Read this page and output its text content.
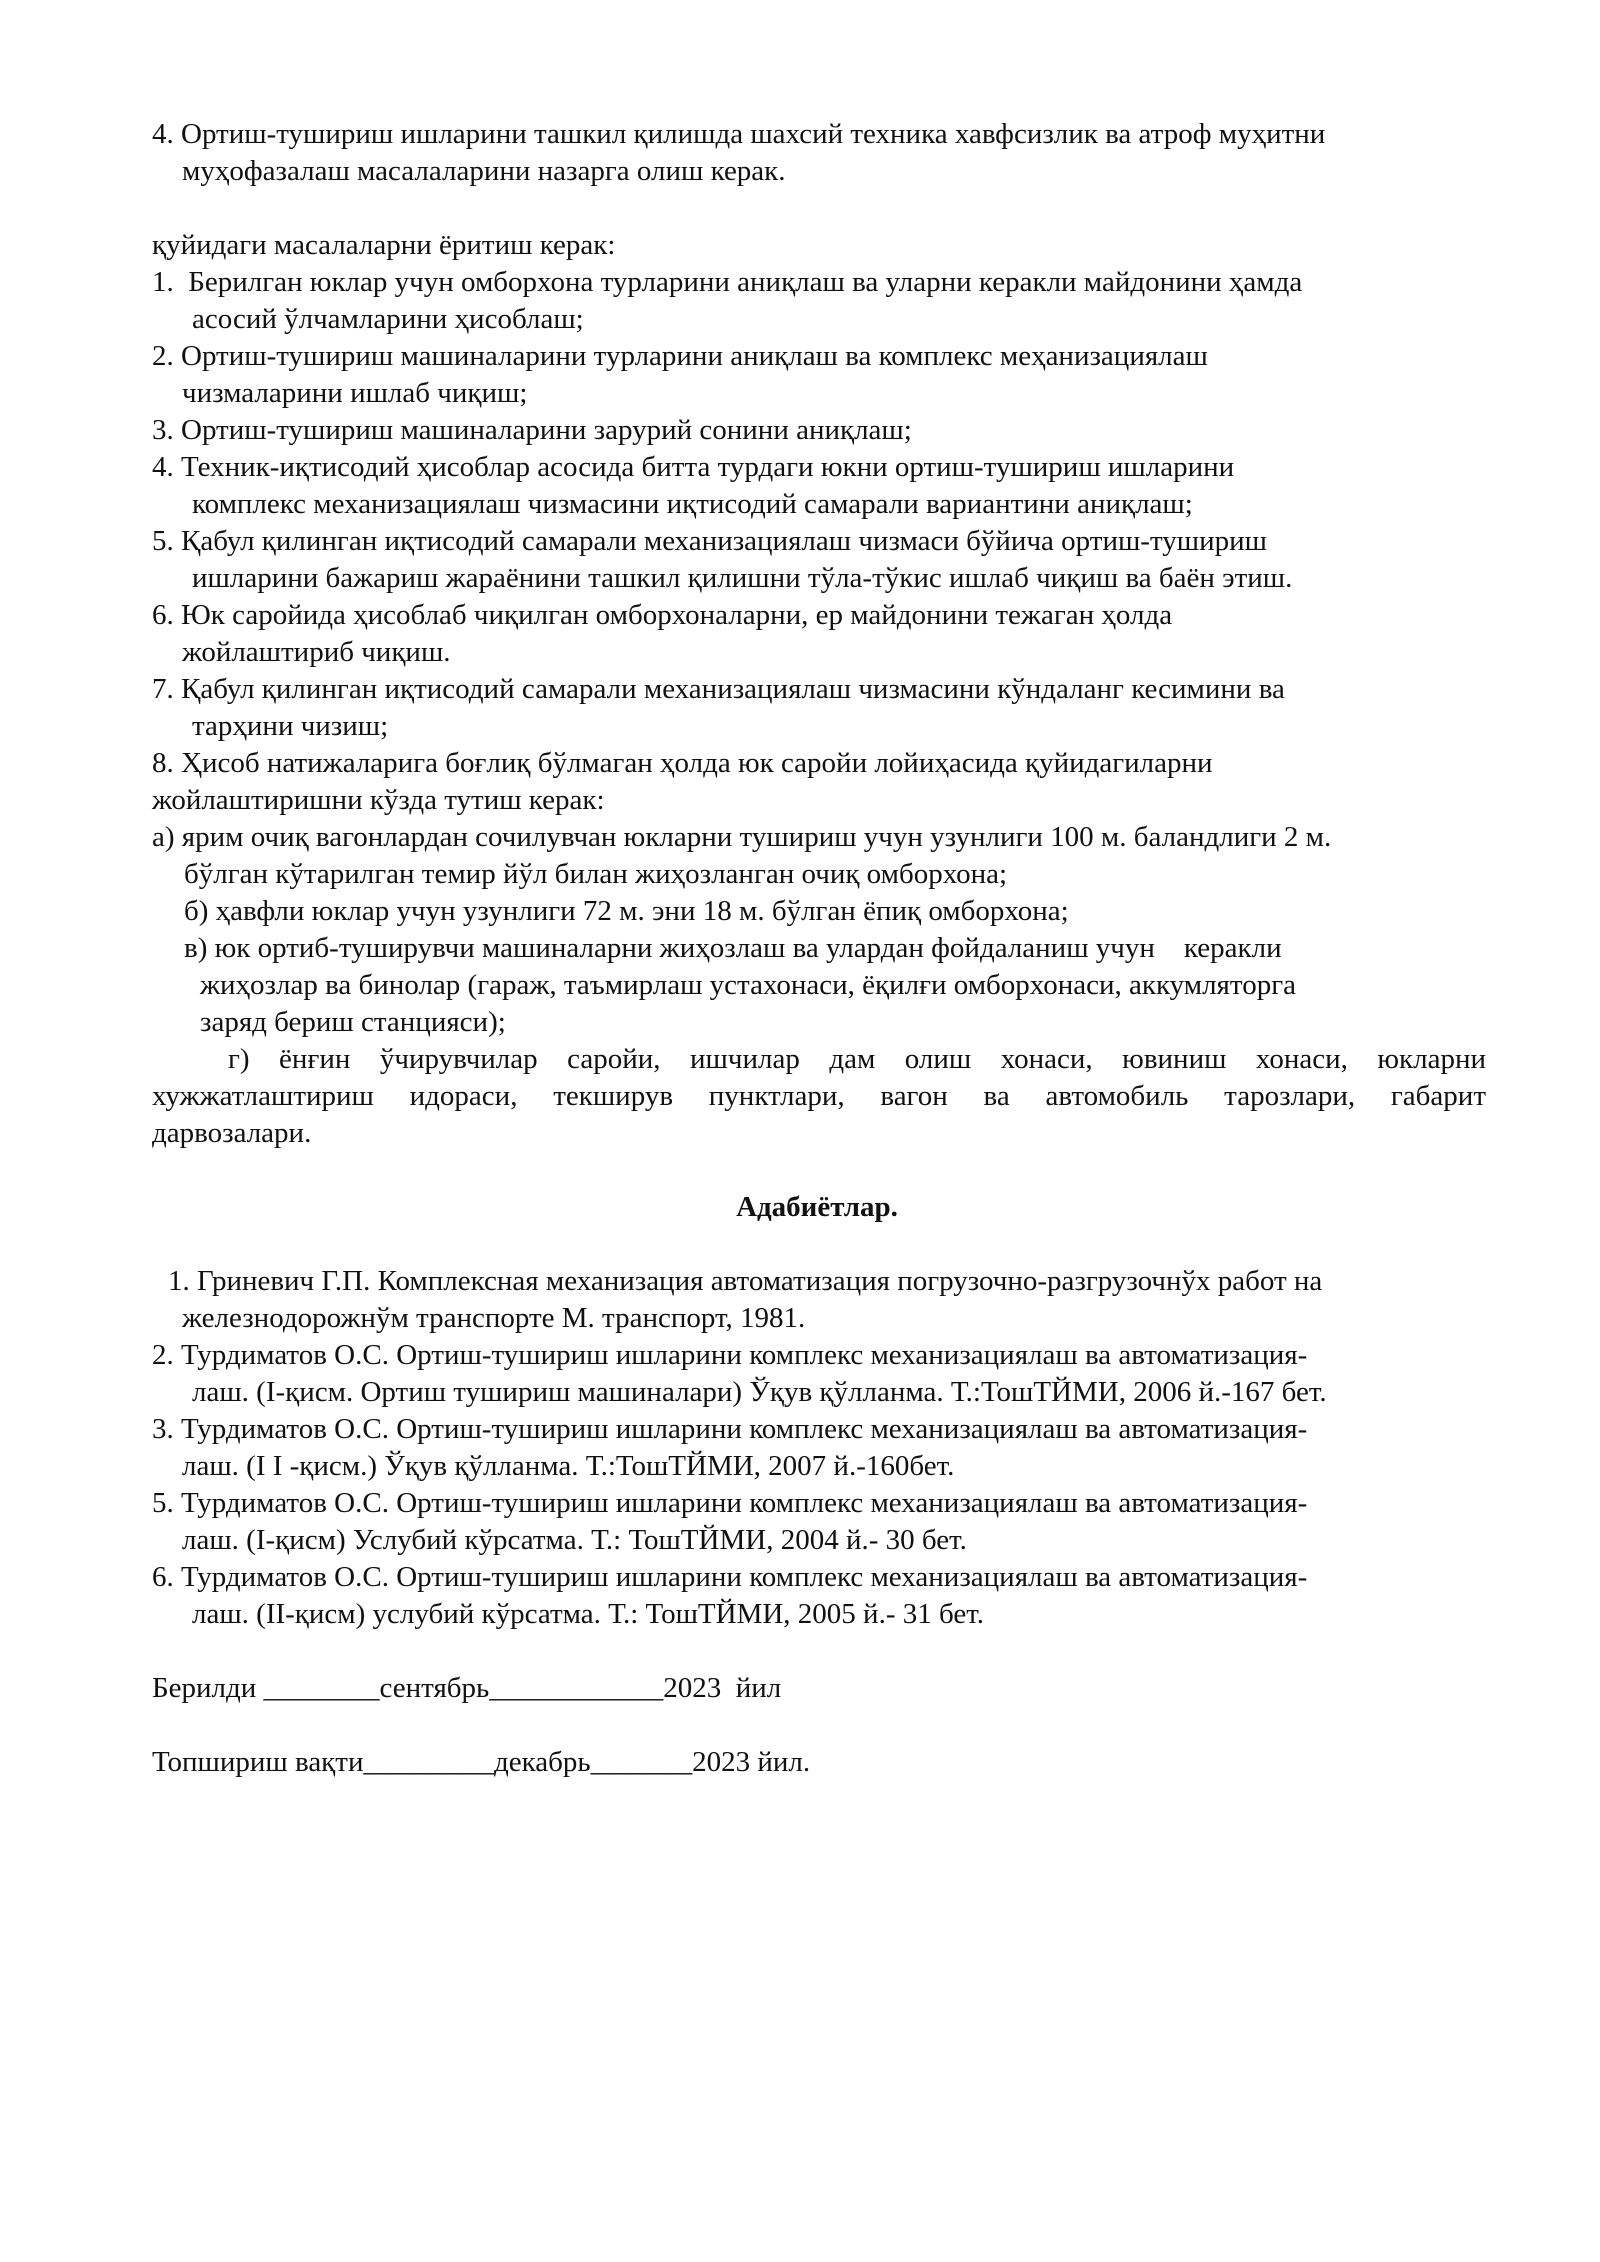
4. Ортиш-тушириш ишларини ташкил қилишда шахсий техника хавфсизлик ва атроф муҳитни
муҳофазалаш масалаларини назарга олиш керак.
қуйидаги масалаларни ёритиш керак:
1.  Берилган юклар учун омборхона турларини аниқлаш ва уларни керакли майдонини ҳамда
асосий ўлчамларини ҳисоблаш;
2. Ортиш-тушириш машиналарини турларини аниқлаш ва комплекс меҳанизациялаш
чизмаларини ишлаб чиқиш;
3. Ортиш-тушириш машиналарини зарурий сонини аниқлаш;
4. Техник-иқтисодий ҳисоблар асосида битта турдаги юкни ортиш-тушириш ишларини
комплекс механизациялаш чизмасини иқтисодий самарали вариантини аниқлаш;
5. Қабул қилинган иқтисодий самарали механизациялаш чизмаси бўйича ортиш-тушириш
ишларини бажариш жараёнини ташкил қилишни тўла-тўкис ишлаб чиқиш ва баён этиш.
6. Юк саройида ҳисоблаб чиқилган омборхоналарни, ер майдонини тежаган ҳолда
жойлаштириб чиқиш.
7. Қабул қилинган иқтисодий самарали механизациялаш чизмасини кўндаланг кесимини ва
тарҳини чизиш;
8. Ҳисоб натижаларига боғлиқ бўлмаган ҳолда юк саройи лойиҳасида қуйидагиларни
жойлаштиришни кўзда тутиш керак:
а) ярим очиқ вагонлардан сочилувчан юкларни тушириш учун узунлиги 100 м. баландлиги 2 м.
бўлган кўтарилган темир йўл билан жиҳозланган очиқ омборхона;
б) ҳавфли юклар учун узунлиги 72 м. эни 18 м. бўлган ёпиқ омборхона;
в) юк ортиб-туширувчи машиналарни жиҳозлаш ва улардан фойдаланиш учун    керакли
жиҳозлар ва бинолар (гараж, таъмирлаш устахонаси, ёқилғи омборхонаси, аккумляторга
заряд бериш станцияси);
г) ёнғин ўчирувчилар саройи, ишчилар дам олиш хонаси, ювиниш хонаси, юкларни
хужжатлаштириш идораси, текширув пунктлари, вагон ва автомобиль тарозлари, габарит
дарвозалари.
Адабиётлар.
1. Гриневич Г.П. Комплексная механизация автоматизация погрузочно-разгрузочнўх работ на
железнодорожнўм транспорте М. транспорт, 1981.
2. Турдиматов О.С. Ортиш-тушириш ишларини комплекс механизациялаш ва автоматизация-
лаш. (I-қисм. Ортиш тушириш машиналари) Ўқув қўлланма. Т.:ТошТЙМИ, 2006 й.-167 бет.
3. Турдиматов О.С. Ортиш-тушириш ишларини комплекс механизациялаш ва автоматизация-
лаш. (I I -қисм.) Ўқув қўлланма. Т.:ТошТЙМИ, 2007 й.-160бет.
5. Турдиматов О.С. Ортиш-тушириш ишларини комплекс механизациялаш ва автоматизация-
лаш. (I-қисм) Услубий кўрсатма. Т.: ТошТЙМИ, 2004 й.- 30 бет.
6. Турдиматов О.С. Ортиш-тушириш ишларини комплекс механизациялаш ва автоматизация-
лаш. (II-қисм) услубий кўрсатма. Т.: ТошТЙМИ, 2005 й.- 31 бет.
Берилди ________сентябрь____________2023  йил
Топшириш вақти_________декабрь_______2023 йил.
